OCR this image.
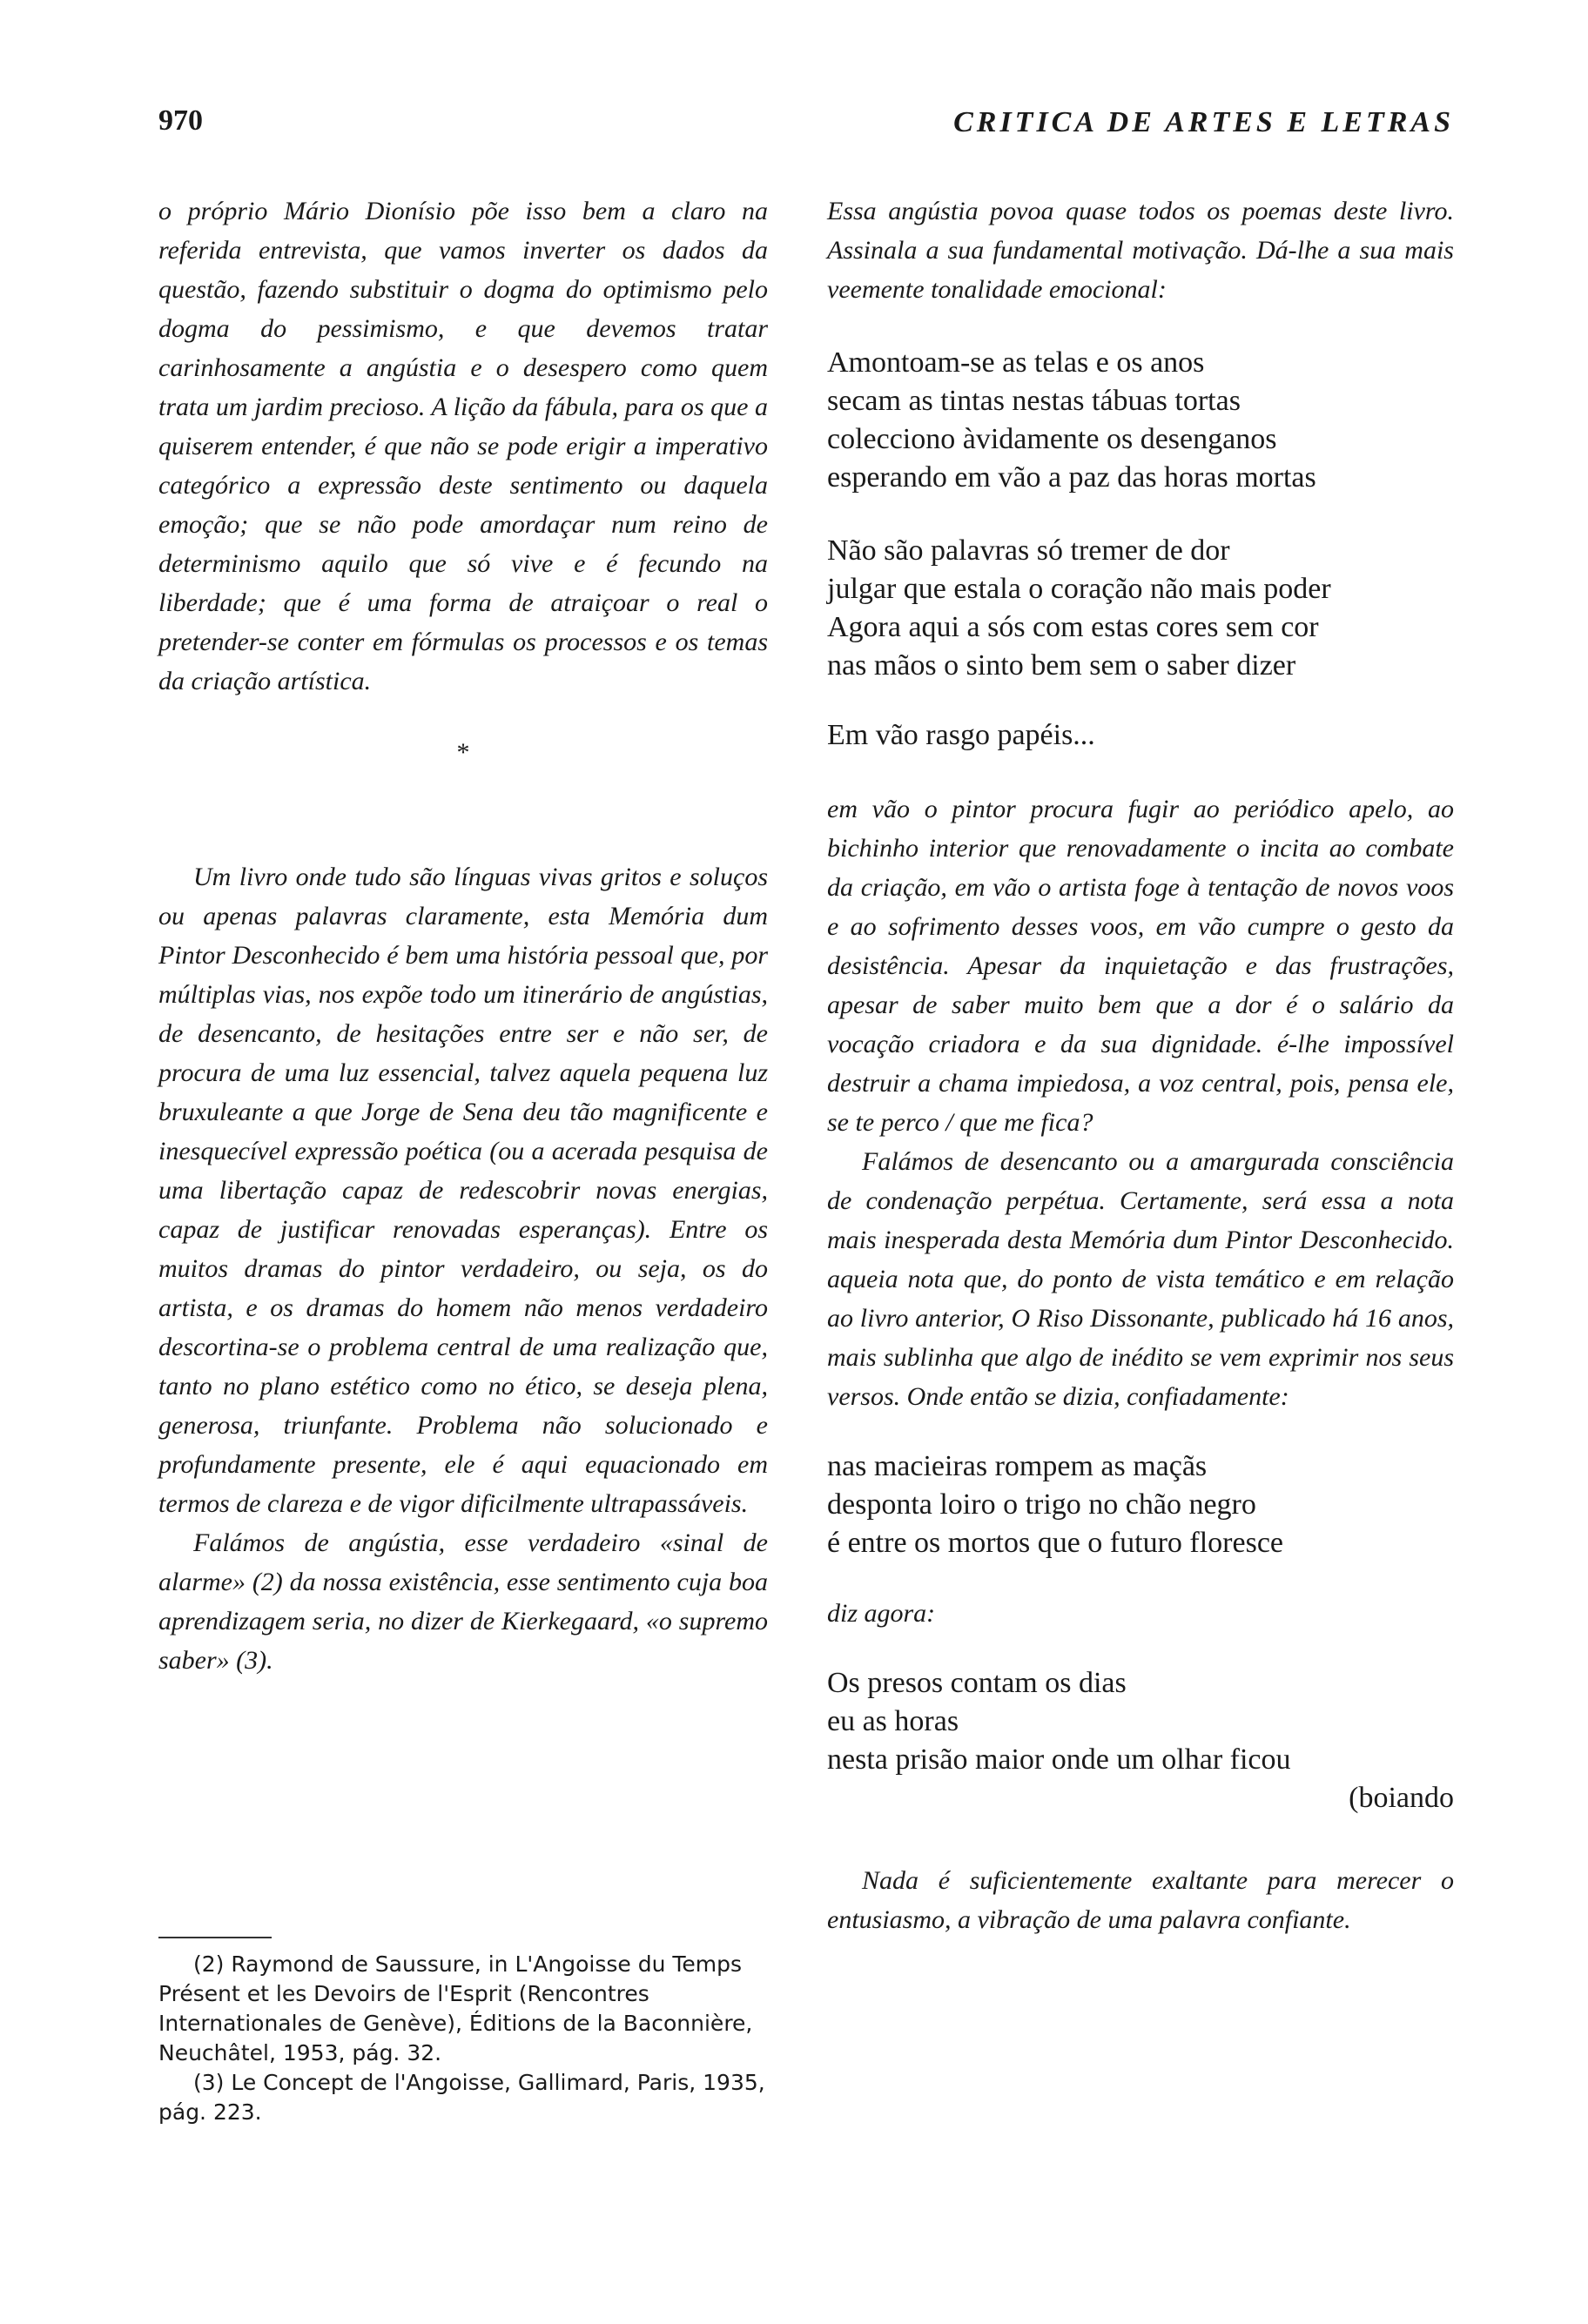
970	CRITICA DE ARTES E LETRAS

o próprio Mário Dionísio põe isso bem a claro na referida entrevista, que vamos inverter os dados da questão, fazendo substituir o dogma do optimismo pelo dogma do pessimismo, e que devemos tratar carinhosamente a angústia e o desespero como quem trata um jardim precioso. A lição da fábula, para os que a quiserem entender, é que não se pode erigir a imperativo categórico a expressão deste sentimento ou daquela emoção; que se não pode amordaçar num reino de determinismo aquilo que só vive e é fecundo na liberdade; que é uma forma de atraiçoar o real o pretender-se conter em fórmulas os processos e os temas da criação artística.

*

Um livro onde tudo são línguas vivas gritos e soluços ou apenas palavras claramente, esta Memória dum Pintor Desconhecido é bem uma história pessoal que, por múltiplas vias, nos expõe todo um itinerário de angústias, de desencanto, de hesitações entre ser e não ser, de procura de uma luz essencial, talvez aquela pequena luz bruxuleante a que Jorge de Sena deu tão magnificente e inesquecível expressão poética (ou a acerada pesquisa de uma libertação capaz de redescobrir novas energias, capaz de justificar renovadas esperanças). Entre os muitos dramas do pintor verdadeiro, ou seja, os do artista, e os dramas do homem não menos verdadeiro descortina-se o problema central de uma realização que, tanto no plano estético como no ético, se deseja plena, generosa, triunfante. Problema não solucionado e profundamente presente, ele é aqui equacionado em termos de clareza e de vigor dificilmente ultrapassáveis.

Falámos de angústia, esse verdadeiro «sinal de alarme» (2) da nossa existência, esse sentimento cuja boa aprendizagem seria, no dizer de Kierkegaard, «o supremo saber» (3).

(2) Raymond de Saussure, in L'Angoisse du Temps Présent et les Devoirs de l'Esprit (Rencontres Internationales de Genève), Éditions de la Baconnière, Neuchâtel, 1953, pág. 32.

(3) Le Concept de l'Angoisse, Gallimard, Paris, 1935, pág. 223.

Essa angústia povoa quase todos os poemas deste livro. Assinala a sua fundamental motivação. Dá-lhe a sua mais veemente tonalidade emocional:

Amontoam-se as telas e os anos
secam as tintas nestas tábuas tortas
colecciono àvidamente os desenganos
esperando em vão a paz das horas mortas
Não são palavras só tremer de dor
julgar que estala o coração não mais poder
Agora aqui a sós com estas cores sem cor
nas mãos o sinto bem sem o saber dizer
Em vão rasgo papéis...

em vão o pintor procura fugir ao periódico apelo, ao bichinho interior que renovadamente o incita ao combate da criação, em vão o artista foge à tentação de novos voos e ao sofrimento desses voos, em vão cumpre o gesto da desistência. Apesar da inquietação e das frustrações, apesar de saber muito bem que a dor é o salário da vocação criadora e da sua dignidade. é-lhe impossível destruir a chama impiedosa, a voz central, pois, pensa ele, se te perco / que me fica?

Falámos de desencanto ou a amargurada consciência de condenação perpétua. Certamente, será essa a nota mais inesperada desta Memória dum Pintor Desconhecido. aqueia nota que, do ponto de vista temático e em relação ao livro anterior, O Riso Dissonante, publicado há 16 anos, mais sublinha que algo de inédito se vem exprimir nos seus versos. Onde então se dizia, confiadamente:

nas macieiras rompem as maçãs
desponta loiro o trigo no chão negro
é entre os mortos que o futuro floresce

diz agora:

Os presos contam os dias
eu as horas
nesta prisão maior onde um olhar ficou
(boiando

Nada é suficientemente exaltante para merecer o entusiasmo, a vibração de uma palavra confiante.
